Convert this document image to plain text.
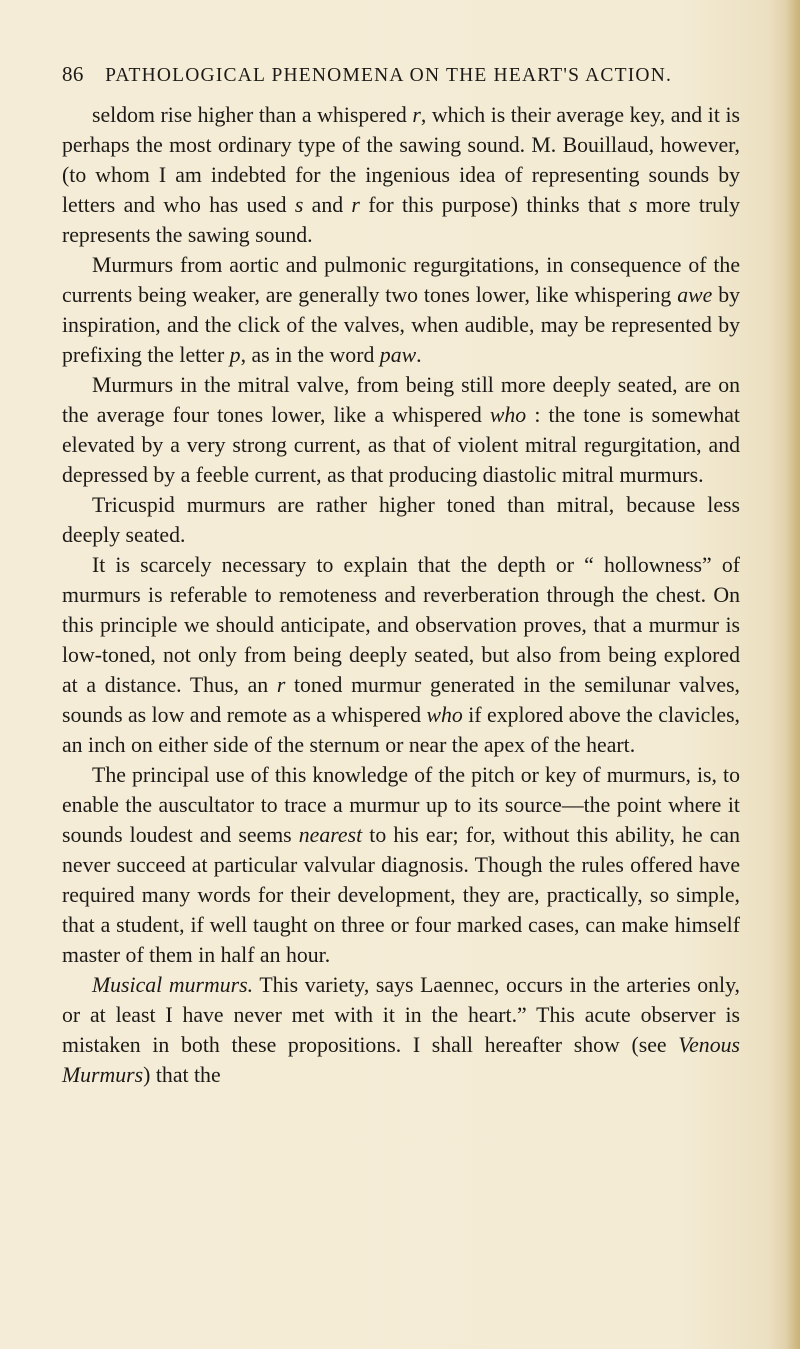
86 PATHOLOGICAL PHENOMENA ON THE HEART'S ACTION.

seldom rise higher than a whispered r, which is their average key, and it is perhaps the most ordinary type of the sawing sound. M. Bouillaud, however, (to whom I am indebted for the ingenious idea of representing sounds by letters and who has used s and r for this purpose) thinks that s more truly represents the sawing sound.

Murmurs from aortic and pulmonic regurgitations, in consequence of the currents being weaker, are generally two tones lower, like whispering awe by inspiration, and the click of the valves, when audible, may be represented by prefixing the letter p, as in the word paw.

Murmurs in the mitral valve, from being still more deeply seated, are on the average four tones lower, like a whispered who : the tone is somewhat elevated by a very strong current, as that of violent mitral regurgitation, and depressed by a feeble current, as that producing diastolic mitral murmurs.

Tricuspid murmurs are rather higher toned than mitral, because less deeply seated.

It is scarcely necessary to explain that the depth or “ hollowness” of murmurs is referable to remoteness and reverberation through the chest. On this principle we should anticipate, and observation proves, that a murmur is low-toned, not only from being deeply seated, but also from being explored at a distance. Thus, an r toned murmur generated in the semilunar valves, sounds as low and remote as a whispered who if explored above the clavicles, an inch on either side of the sternum or near the apex of the heart.

The principal use of this knowledge of the pitch or key of murmurs, is, to enable the auscultator to trace a murmur up to its source—the point where it sounds loudest and seems nearest to his ear; for, without this ability, he can never succeed at particular valvular diagnosis. Though the rules offered have required many words for their development, they are, practically, so simple, that a student, if well taught on three or four marked cases, can make himself master of them in half an hour.

Musical murmurs. This variety, says Laennec, occurs in the arteries only, or at least I have never met with it in the heart.” This acute observer is mistaken in both these propositions. I shall hereafter show (see Venous Murmurs) that the
